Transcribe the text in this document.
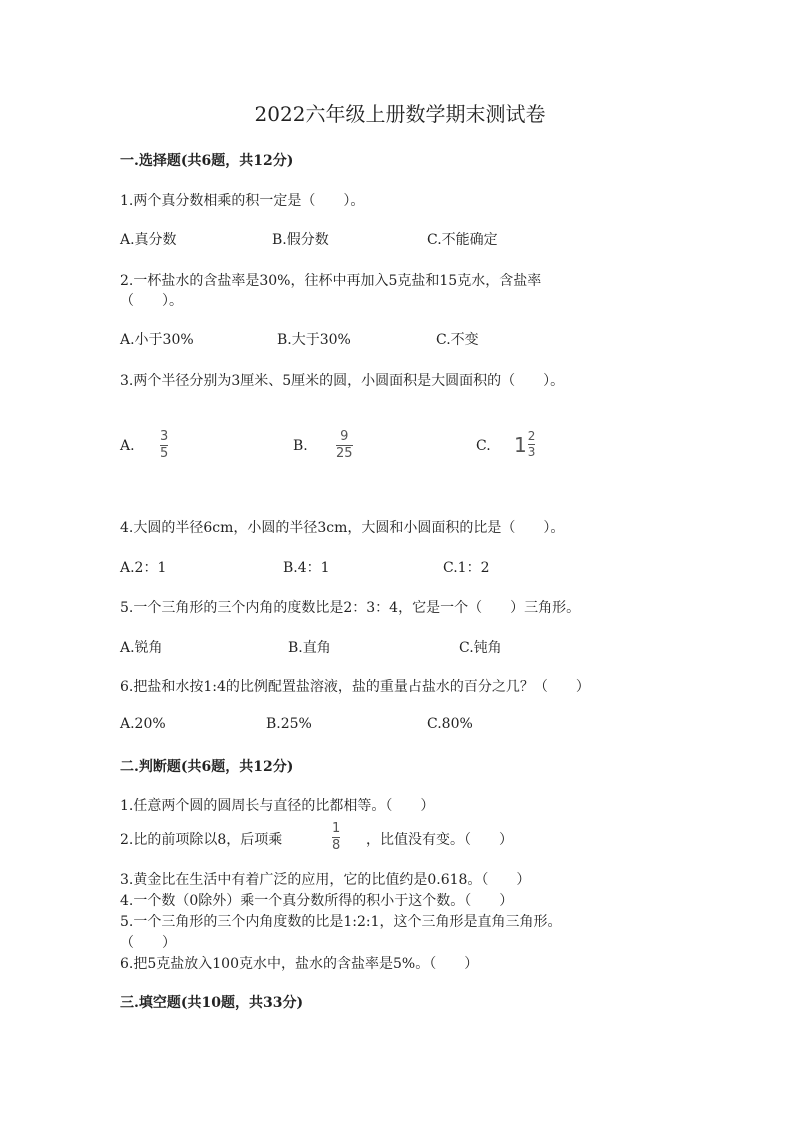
2022六年级上册数学期末测试卷
一.选择题(共6题，共12分)
1.两个真分数相乘的积一定是（　　）。
A.真分数	B.假分数	C.不能确定
2.一杯盐水的含盐率是30%，往杯中再加入5克盐和15克水，含盐率
（　　）。
A.小于30%	B.大于30%	C.不变
3.两个半径分别为3厘米、5厘米的圆，小圆面积是大圆面积的（　　）。
A. $\frac{3}{5}$	B. $\frac{9}{25}$	C. $1 \frac{2}{3}$
4.大圆的半径6cm，小圆的半径3cm，大圆和小圆面积的比是（　　）。
A.2：1	B.4：1	C.1：2
5.一个三角形的三个内角的度数比是2：3：4，它是一个（　　）三角形。
A.锐角	B.直角	C.钝角
6.把盐和水按1:4的比例配置盐溶液，盐的重量占盐水的百分之几？（　　）
A.20%	B.25%	C.80%
二.判断题(共6题，共12分)
1.任意两个圆的圆周长与直径的比都相等。（　　）
2.比的前项除以8，后项乘	$\frac{1}{8}$ ，比值没有变。（　　）
3.黄金比在生活中有着广泛的应用，它的比值约是0.618。（　　）
4.一个数（0除外）乘一个真分数所得的积小于这个数。（　　）
5.一个三角形的三个内角度数的比是1:2:1，这个三角形是直角三角形。
（　　）
6.把5克盐放入100克水中，盐水的含盐率是5%。（　　）
三.填空题(共10题，共33分)
